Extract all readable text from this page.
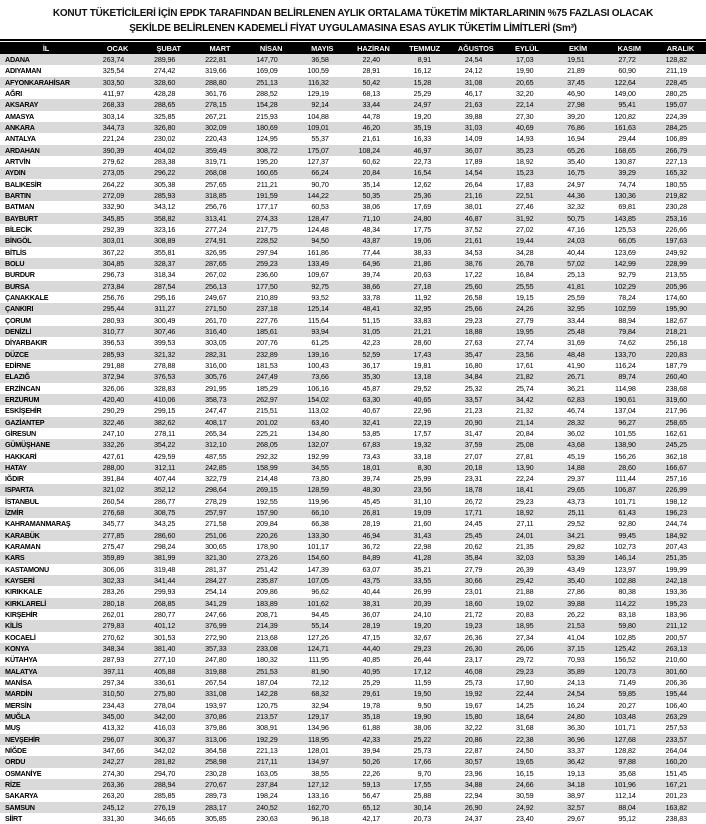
KONUT TÜKETİCİLERİ İÇİN EPDK TARAFINDAN BELİRLENEN AYLIK ORTALAMA TÜKETİM MİKTARLARININ %75 FAZLASI OLACAK
ŞEKİLDE BELİRLENEN KADEMELİ FİYAT UYGULAMASINA ESAS AYLIK TÜKETİM LİMİTLERİ (Sm³)
İL	OCAK	ŞUBAT	MART	NİSAN	MAYIS	HAZİRAN	TEMMUZ	AĞUSTOS	EYLÜL	EKİM	KASIM	ARALIK
ADANA	263,74	289,96	222,81	147,70	36,58	22,40	8,91	24,54	17,03	19,51	27,72	128,82
ADIYAMAN	325,54	274,42	319,66	169,09	100,59	28,91	16,12	24,12	19,90	21,89	60,90	211,19
AFYONKARAHİSAR	303,50	328,60	288,80	251,13	116,32	50,42	15,28	31,08	20,65	37,45	122,64	228,45
AĞRI	411,97	428,28	361,76	288,52	129,19	68,13	25,29	46,17	32,20	46,90	149,00	280,25
AKSARAY	268,33	288,65	278,15	154,28	92,14	33,44	24,97	21,63	22,14	27,98	95,41	195,07
AMASYA	303,14	325,85	267,21	215,93	104,88	44,78	19,20	39,88	27,30	39,20	120,82	224,39
ANKARA	344,73	326,80	302,09	180,69	109,01	46,20	35,19	31,03	40,69	76,86	161,63	284,25
ANTALYA	221,24	230,02	220,43	124,95	55,37	21,61	16,33	14,09	14,93	16,94	29,44	106,89
ARDAHAN	390,39	404,02	359,49	308,72	175,07	108,24	46,97	36,07	35,23	65,26	168,65	266,79
ARTVİN	279,62	283,38	319,71	195,20	127,37	60,62	22,73	17,89	18,92	35,40	130,87	227,13
AYDIN	273,05	296,22	268,08	160,65	66,24	20,84	16,54	14,54	15,23	16,75	39,29	165,32
BALIKESİR	264,22	305,38	257,65	211,21	90,70	35,14	12,62	26,64	17,83	24,97	74,74	180,55
BARTIN	272,09	285,93	318,85	191,59	144,22	50,35	25,36	21,16	22,51	44,36	130,36	219,82
BATMAN	332,90	343,12	256,76	177,17	60,53	38,06	17,69	38,01	27,46	32,32	69,81	230,28
BAYBURT	345,85	358,82	313,41	274,33	128,47	71,10	24,80	46,87	31,92	50,75	143,85	253,16
BİLECİK	292,39	323,16	277,24	217,75	124,48	48,34	17,75	37,52	27,02	47,16	125,53	226,66
BİNGÖL	303,01	308,89	274,91	228,52	94,50	43,87	19,06	21,61	19,44	24,03	66,05	197,63
BİTLİS	367,22	355,81	326,95	297,94	161,86	77,44	38,33	34,53	34,28	40,44	123,69	249,92
BOLU	304,85	328,37	287,65	259,23	133,49	64,96	21,86	38,76	26,78	57,02	142,99	228,99
BURDUR	296,73	318,34	267,02	236,60	109,67	39,74	20,63	17,22	16,84	25,13	92,79	213,55
BURSA	273,84	287,54	256,13	177,50	92,75	38,66	27,18	25,60	25,55	41,81	102,29	205,96
ÇANAKKALE	256,76	295,16	249,67	210,89	93,52	33,78	11,92	26,58	19,15	25,59	78,24	174,60
ÇANKIRI	295,44	311,27	271,50	237,18	125,14	48,41	32,95	25,66	24,26	32,95	102,59	195,90
ÇORUM	280,93	300,49	261,70	227,76	115,64	51,15	33,83	29,23	27,79	33,44	88,94	182,67
DENİZLİ	310,77	307,46	316,40	185,61	93,94	31,05	21,21	18,88	19,95	25,48	79,84	218,21
DİYARBAKIR	396,53	399,53	303,05	207,76	61,25	42,23	28,60	27,63	27,74	31,69	74,62	256,18
DÜZCE	285,93	321,32	282,31	232,89	139,16	52,59	17,43	35,47	23,56	48,48	133,70	220,83
EDİRNE	291,88	278,88	316,00	181,53	100,43	36,17	19,81	16,80	17,61	41,90	116,24	187,79
ELAZIĞ	372,94	376,53	305,76	247,49	73,66	35,30	13,18	34,84	21,82	26,71	89,74	260,40
ERZİNCAN	326,06	328,83	291,95	185,29	106,16	45,87	29,52	25,32	25,74	36,21	114,98	238,68
ERZURUM	420,40	410,06	358,73	262,97	154,02	63,30	40,65	33,57	34,42	62,83	190,61	319,60
ESKİŞEHİR	290,29	299,15	247,47	215,51	113,02	40,67	22,96	21,23	21,32	46,74	137,04	217,96
GAZİANTEP	322,46	382,62	408,17	201,02	63,40	32,41	22,19	20,90	21,14	28,32	96,27	258,65
GİRESUN	247,10	278,11	265,34	225,21	134,80	53,85	17,57	31,47	20,84	36,02	101,55	162,61
GÜMÜŞHANE	332,26	354,22	312,10	268,05	132,07	67,83	19,32	37,59	25,08	43,68	138,90	245,25
HAKKARİ	427,61	429,59	487,55	292,32	192,99	73,43	33,18	27,07	27,81	45,19	156,26	362,18
HATAY	288,00	312,11	242,85	158,99	34,55	18,01	8,30	20,18	13,90	14,88	28,60	166,67
IĞDIR	391,84	407,44	322,79	214,48	73,80	39,74	25,99	23,31	22,24	29,37	111,44	257,16
ISPARTA	321,02	352,12	298,64	269,15	128,59	48,30	23,56	18,78	18,41	29,65	106,87	226,99
İSTANBUL	260,54	286,77	278,29	192,55	119,96	45,45	31,10	26,72	29,23	43,73	101,71	198,12
İZMİR	276,68	308,75	257,97	157,90	66,10	26,81	19,09	17,71	18,92	25,11	61,43	196,23
KAHRAMANMARAŞ	345,77	343,25	271,58	209,84	66,38	28,19	21,60	24,45	27,11	29,52	92,80	244,74
KARABÜK	277,85	286,60	251,06	220,26	133,30	46,94	31,43	25,45	24,01	34,21	99,45	184,92
KARAMAN	275,47	298,24	300,65	178,90	101,17	36,72	22,98	20,62	21,35	29,82	102,73	207,43
KARS	359,89	381,99	321,30	273,26	154,60	84,89	41,28	35,84	32,03	53,39	146,14	251,35
KASTAMONU	306,06	319,48	281,37	251,42	147,39	63,07	35,21	27,79	26,39	43,49	123,97	199,99
KAYSERİ	302,33	341,44	284,27	235,87	107,05	43,75	33,55	30,66	29,42	35,40	102,88	242,18
KIRIKKALE	283,26	299,93	254,14	209,86	96,62	40,44	26,99	23,01	21,88	27,86	80,38	193,36
KIRKLARELİ	280,18	268,85	341,29	183,89	101,62	38,31	20,39	18,60	19,02	39,88	114,22	195,23
KIRŞEHİR	262,01	280,77	247,66	208,71	94,45	36,07	24,10	21,72	20,83	26,22	83,18	183,96
KİLİS	279,83	401,12	376,99	214,39	55,14	28,19	19,20	19,23	18,95	21,53	59,80	211,12
KOCAELİ	270,62	301,53	272,90	213,68	127,26	47,15	32,67	26,36	27,34	41,04	102,85	200,57
KONYA	348,34	381,40	357,33	233,08	124,71	44,40	29,23	26,30	26,06	37,15	125,42	263,13
KÜTAHYA	287,93	277,10	247,80	180,32	111,95	40,85	26,44	23,17	29,72	70,93	156,52	210,60
MALATYA	397,11	405,88	319,88	251,53	81,90	40,95	17,12	46,08	29,23	35,89	120,73	301,60
MANİSA	297,34	336,61	267,54	187,04	72,12	25,29	11,59	25,73	17,90	24,13	71,49	206,36
MARDİN	310,50	275,80	331,08	142,28	68,32	29,61	19,50	19,92	22,44	24,54	59,85	195,44
MERSİN	234,43	278,04	193,97	120,75	32,94	19,78	9,50	19,67	14,25	16,24	20,27	106,40
MUĞLA	345,00	342,00	370,86	213,57	129,17	35,18	19,90	15,80	18,64	24,80	103,48	263,29
MUŞ	413,32	416,03	379,86	308,91	134,96	61,88	38,06	32,22	31,68	36,30	101,71	257,53
NEVŞEHİR	296,07	306,37	313,06	192,29	118,95	42,33	25,22	20,86	22,38	36,96	127,68	233,57
NİĞDE	347,66	342,02	364,58	221,13	128,01	39,94	25,73	22,87	24,50	33,37	128,82	264,04
ORDU	242,27	281,82	258,98	217,11	134,97	50,26	17,66	30,57	19,65	36,42	97,88	160,20
OSMANİYE	274,30	294,70	230,28	163,05	38,55	22,26	9,70	23,96	16,15	19,13	35,68	151,45
RİZE	263,36	288,94	270,67	237,84	127,12	59,13	17,55	34,88	24,66	34,18	101,96	167,21
SAKARYA	263,20	285,85	289,73	198,24	133,16	56,47	25,88	22,94	30,59	38,97	112,14	201,23
SAMSUN	245,12	276,19	283,17	240,52	162,70	65,12	30,14	26,90	24,92	32,57	88,04	163,82
SİİRT	331,30	346,65	305,85	230,63	96,18	42,17	20,73	24,37	23,40	29,67	95,12	238,83
